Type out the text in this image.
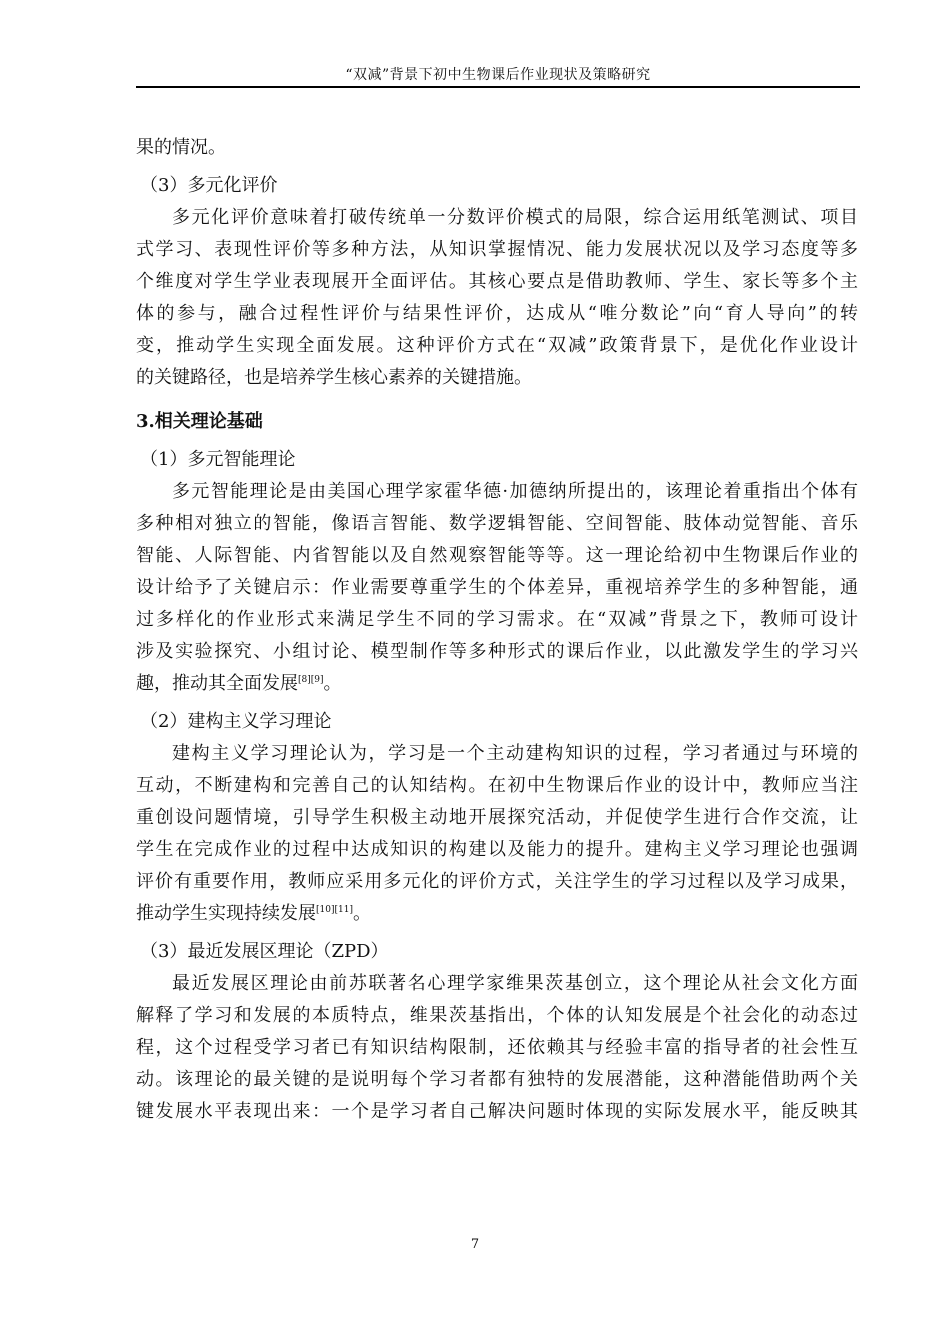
“双减”背景下初中生物课后作业现状及策略研究
果的情况。
（3）多元化评价
多元化评价意味着打破传统单一分数评价模式的局限，综合运用纸笔测试、项目
式学习、表现性评价等多种方法，从知识掌握情况、能力发展状况以及学习态度等多
个维度对学生学业表现展开全面评估。其核心要点是借助教师、学生、家长等多个主
体的参与，融合过程性评价与结果性评价，达成从“唯分数论”向“育人导向”的转
变，推动学生实现全面发展。这种评价方式在“双减”政策背景下，是优化作业设计
的关键路径，也是培养学生核心素养的关键措施。
3.相关理论基础
（1）多元智能理论
多元智能理论是由美国心理学家霍华德·加德纳所提出的，该理论着重指出个体有
多种相对独立的智能，像语言智能、数学逻辑智能、空间智能、肢体动觉智能、音乐
智能、人际智能、内省智能以及自然观察智能等等。这一理论给初中生物课后作业的
设计给予了关键启示：作业需要尊重学生的个体差异，重视培养学生的多种智能，通
过多样化的作业形式来满足学生不同的学习需求。在“双减”背景之下，教师可设计
涉及实验探究、小组讨论、模型制作等多种形式的课后作业，以此激发学生的学习兴
趣，推动其全面发展[8][9]。
（2）建构主义学习理论
建构主义学习理论认为，学习是一个主动建构知识的过程，学习者通过与环境的
互动，不断建构和完善自己的认知结构。在初中生物课后作业的设计中，教师应当注
重创设问题情境，引导学生积极主动地开展探究活动，并促使学生进行合作交流，让
学生在完成作业的过程中达成知识的构建以及能力的提升。建构主义学习理论也强调
评价有重要作用，教师应采用多元化的评价方式，关注学生的学习过程以及学习成果，
推动学生实现持续发展[10][11]。
（3）最近发展区理论（ZPD）
最近发展区理论由前苏联著名心理学家维果茨基创立，这个理论从社会文化方面
解释了学习和发展的本质特点，维果茨基指出，个体的认知发展是个社会化的动态过
程，这个过程受学习者已有知识结构限制，还依赖其与经验丰富的指导者的社会性互
动。该理论的最关键的是说明每个学习者都有独特的发展潜能，这种潜能借助两个关
键发展水平表现出来：一个是学习者自己解决问题时体现的实际发展水平，能反映其
7
